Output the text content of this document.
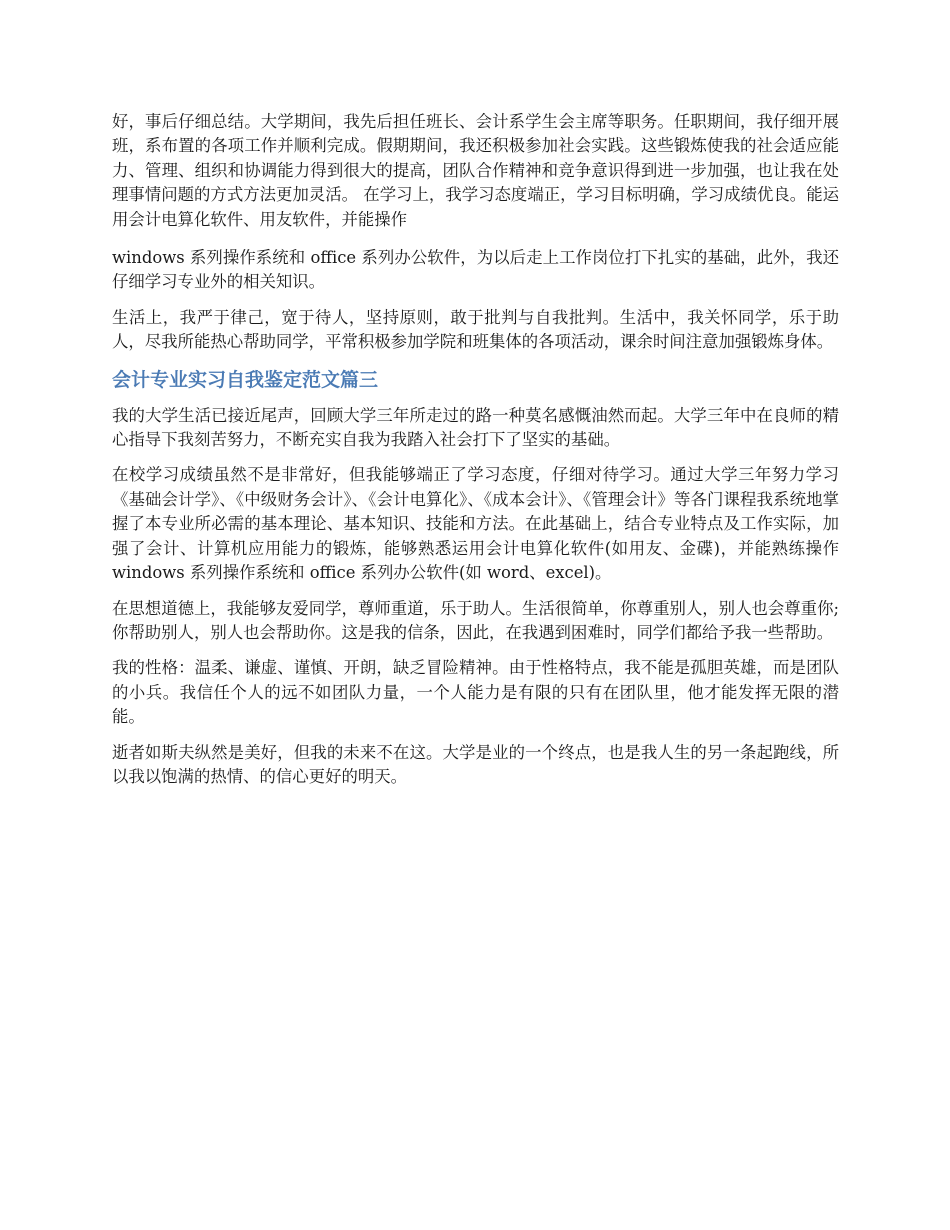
好，事后仔细总结。大学期间，我先后担任班长、会计系学生会主席等职务。任职期间，我仔细开展班，系布置的各项工作并顺利完成。假期期间，我还积极参加社会实践。这些锻炼使我的社会适应能力、管理、组织和协调能力得到很大的提高，团队合作精神和竞争意识得到进一步加强，也让我在处理事情问题的方式方法更加灵活。 在学习上，我学习态度端正，学习目标明确，学习成绩优良。能运用会计电算化软件、用友软件，并能操作

windows 系列操作系统和 office 系列办公软件，为以后走上工作岗位打下扎实的基础，此外，我还仔细学习专业外的相关知识。

生活上，我严于律己，宽于待人，坚持原则，敢于批判与自我批判。生活中，我关怀同学，乐于助人，尽我所能热心帮助同学，平常积极参加学院和班集体的各项活动，课余时间注意加强锻炼身体。

会计专业实习自我鉴定范文篇三

我的大学生活已接近尾声，回顾大学三年所走过的路一种莫名感慨油然而起。大学三年中在良师的精心指导下我刻苦努力，不断充实自我为我踏入社会打下了坚实的基础。

在校学习成绩虽然不是非常好，但我能够端正了学习态度，仔细对待学习。通过大学三年努力学习《基础会计学》、《中级财务会计》、《会计电算化》、《成本会计》、《管理会计》等各门课程我系统地掌握了本专业所必需的基本理论、基本知识、技能和方法。在此基础上，结合专业特点及工作实际，加强了会计、计算机应用能力的锻炼，能够熟悉运用会计电算化软件(如用友、金碟)，并能熟练操作 windows 系列操作系统和 office 系列办公软件(如 word、excel)。

在思想道德上，我能够友爱同学，尊师重道，乐于助人。生活很简单，你尊重别人，别人也会尊重你;你帮助别人，别人也会帮助你。这是我的信条，因此，在我遇到困难时，同学们都给予我一些帮助。

我的性格：温柔、谦虚、谨慎、开朗，缺乏冒险精神。由于性格特点，我不能是孤胆英雄，而是团队的小兵。我信任个人的远不如团队力量，一个人能力是有限的只有在团队里，他才能发挥无限的潜能。

逝者如斯夫纵然是美好，但我的未来不在这。大学是业的一个终点，也是我人生的另一条起跑线，所以我以饱满的热情、的信心更好的明天。
